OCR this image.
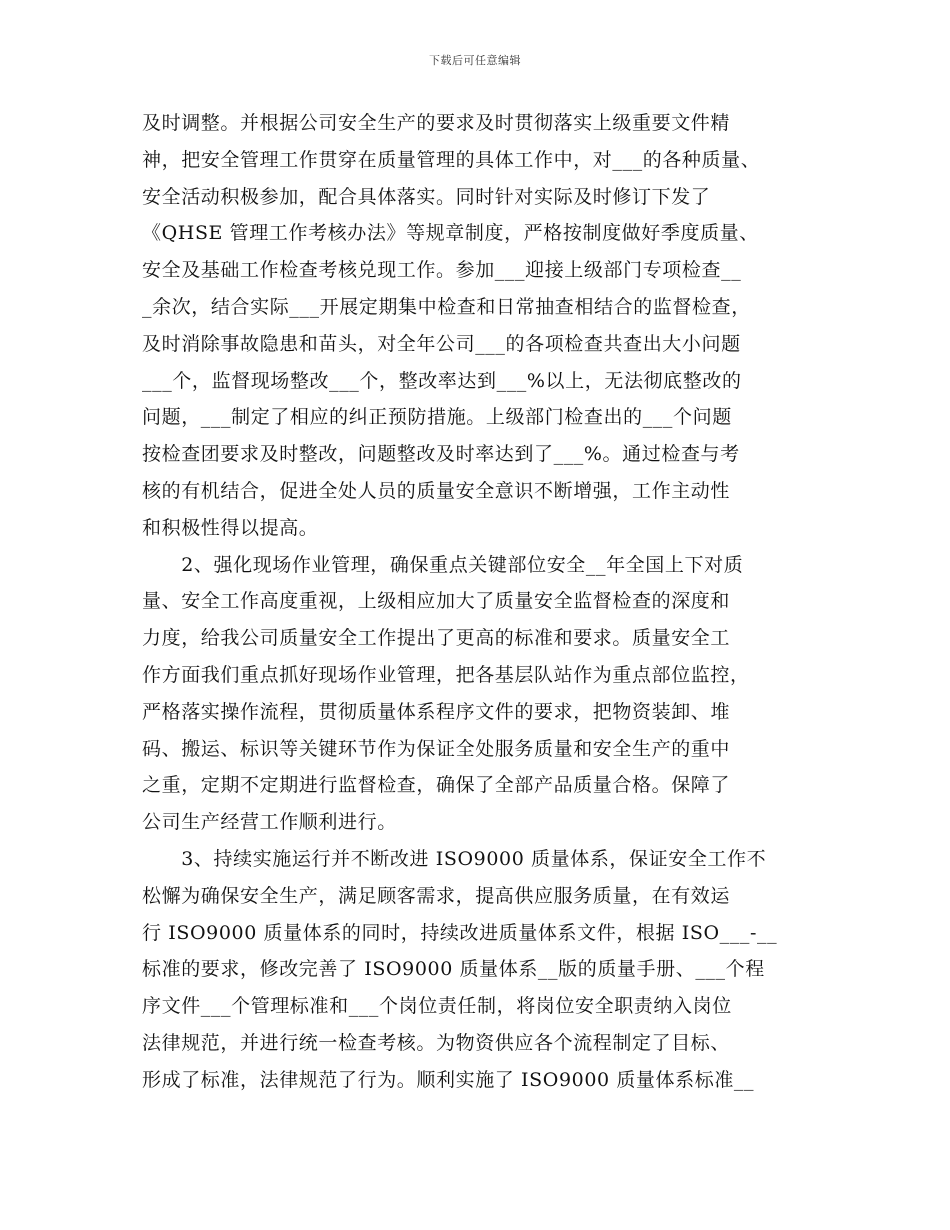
下载后可任意编辑
及时调整。并根据公司安全生产的要求及时贯彻落实上级重要文件精
神，把安全管理工作贯穿在质量管理的具体工作中，对___的各种质量、
安全活动积极参加，配合具体落实。同时针对实际及时修订下发了
《QHSE 管理工作考核办法》等规章制度，严格按制度做好季度质量、
安全及基础工作检查考核兑现工作。参加___迎接上级部门专项检查__
_余次，结合实际___开展定期集中检查和日常抽查相结合的监督检查，
及时消除事故隐患和苗头，对全年公司___的各项检查共查出大小问题
___个，监督现场整改___个，整改率达到___%以上，无法彻底整改的
问题，___制定了相应的纠正预防措施。上级部门检查出的___个问题
按检查团要求及时整改，问题整改及时率达到了___%。通过检查与考
核的有机结合，促进全处人员的质量安全意识不断增强，工作主动性
和积极性得以提高。
　　2、强化现场作业管理，确保重点关键部位安全__年全国上下对质
量、安全工作高度重视，上级相应加大了质量安全监督检查的深度和
力度，给我公司质量安全工作提出了更高的标准和要求。质量安全工
作方面我们重点抓好现场作业管理，把各基层队站作为重点部位监控，
严格落实操作流程，贯彻质量体系程序文件的要求，把物资装卸、堆
码、搬运、标识等关键环节作为保证全处服务质量和安全生产的重中
之重，定期不定期进行监督检查，确保了全部产品质量合格。保障了
公司生产经营工作顺利进行。
　　3、持续实施运行并不断改进 ISO9000 质量体系，保证安全工作不
松懈为确保安全生产，满足顾客需求，提高供应服务质量，在有效运
行 ISO9000 质量体系的同时，持续改进质量体系文件，根据 ISO___-__
标准的要求，修改完善了 ISO9000 质量体系__版的质量手册、___个程
序文件___个管理标准和___个岗位责任制，将岗位安全职责纳入岗位
法律规范，并进行统一检查考核。为物资供应各个流程制定了目标、
形成了标准，法律规范了行为。顺利实施了 ISO9000 质量体系标准__
